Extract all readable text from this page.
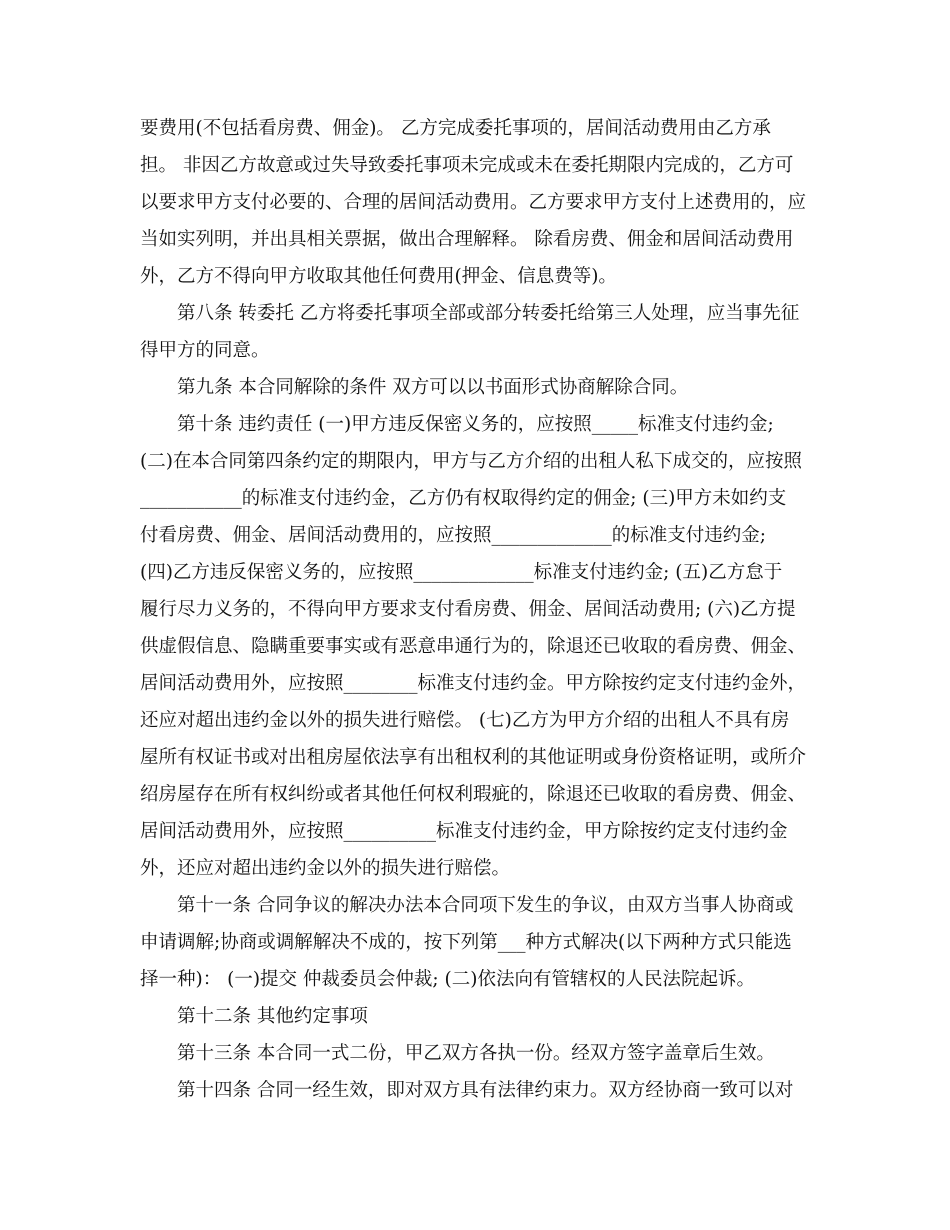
要费用(不包括看房费、佣金)。 乙方完成委托事项的，居间活动费用由乙方承
担。 非因乙方故意或过失导致委托事项未完成或未在委托期限内完成的，乙方可
以要求甲方支付必要的、合理的居间活动费用。乙方要求甲方支付上述费用的，应
当如实列明，并出具相关票据，做出合理解释。 除看房费、佣金和居间活动费用
外，乙方不得向甲方收取其他任何费用(押金、信息费等)。
　　第八条 转委托 乙方将委托事项全部或部分转委托给第三人处理，应当事先征
得甲方的同意。
　　第九条 本合同解除的条件 双方可以以书面形式协商解除合同。
　　第十条 违约责任 (一)甲方违反保密义务的，应按照_____标准支付违约金;
(二)在本合同第四条约定的期限内，甲方与乙方介绍的出租人私下成交的，应按照
___________的标准支付违约金，乙方仍有权取得约定的佣金; (三)甲方未如约支
付看房费、佣金、居间活动费用的，应按照_____________的标准支付违约金;
(四)乙方违反保密义务的，应按照_____________标准支付违约金; (五)乙方怠于
履行尽力义务的，不得向甲方要求支付看房费、佣金、居间活动费用; (六)乙方提
供虚假信息、隐瞒重要事实或有恶意串通行为的，除退还已收取的看房费、佣金、
居间活动费用外，应按照________标准支付违约金。甲方除按约定支付违约金外，
还应对超出违约金以外的损失进行赔偿。 (七)乙方为甲方介绍的出租人不具有房
屋所有权证书或对出租房屋依法享有出租权利的其他证明或身份资格证明，或所介
绍房屋存在所有权纠纷或者其他任何权利瑕疵的，除退还已收取的看房费、佣金、
居间活动费用外，应按照__________标准支付违约金，甲方除按约定支付违约金
外，还应对超出违约金以外的损失进行赔偿。
　　第十一条 合同争议的解决办法本合同项下发生的争议，由双方当事人协商或
申请调解;协商或调解解决不成的，按下列第___种方式解决(以下两种方式只能选
择一种)： (一)提交 仲裁委员会仲裁; (二)依法向有管辖权的人民法院起诉。
　　第十二条 其他约定事项
　　第十三条 本合同一式二份，甲乙双方各执一份。经双方签字盖章后生效。
　　第十四条 合同一经生效，即对双方具有法律约束力。双方经协商一致可以对
